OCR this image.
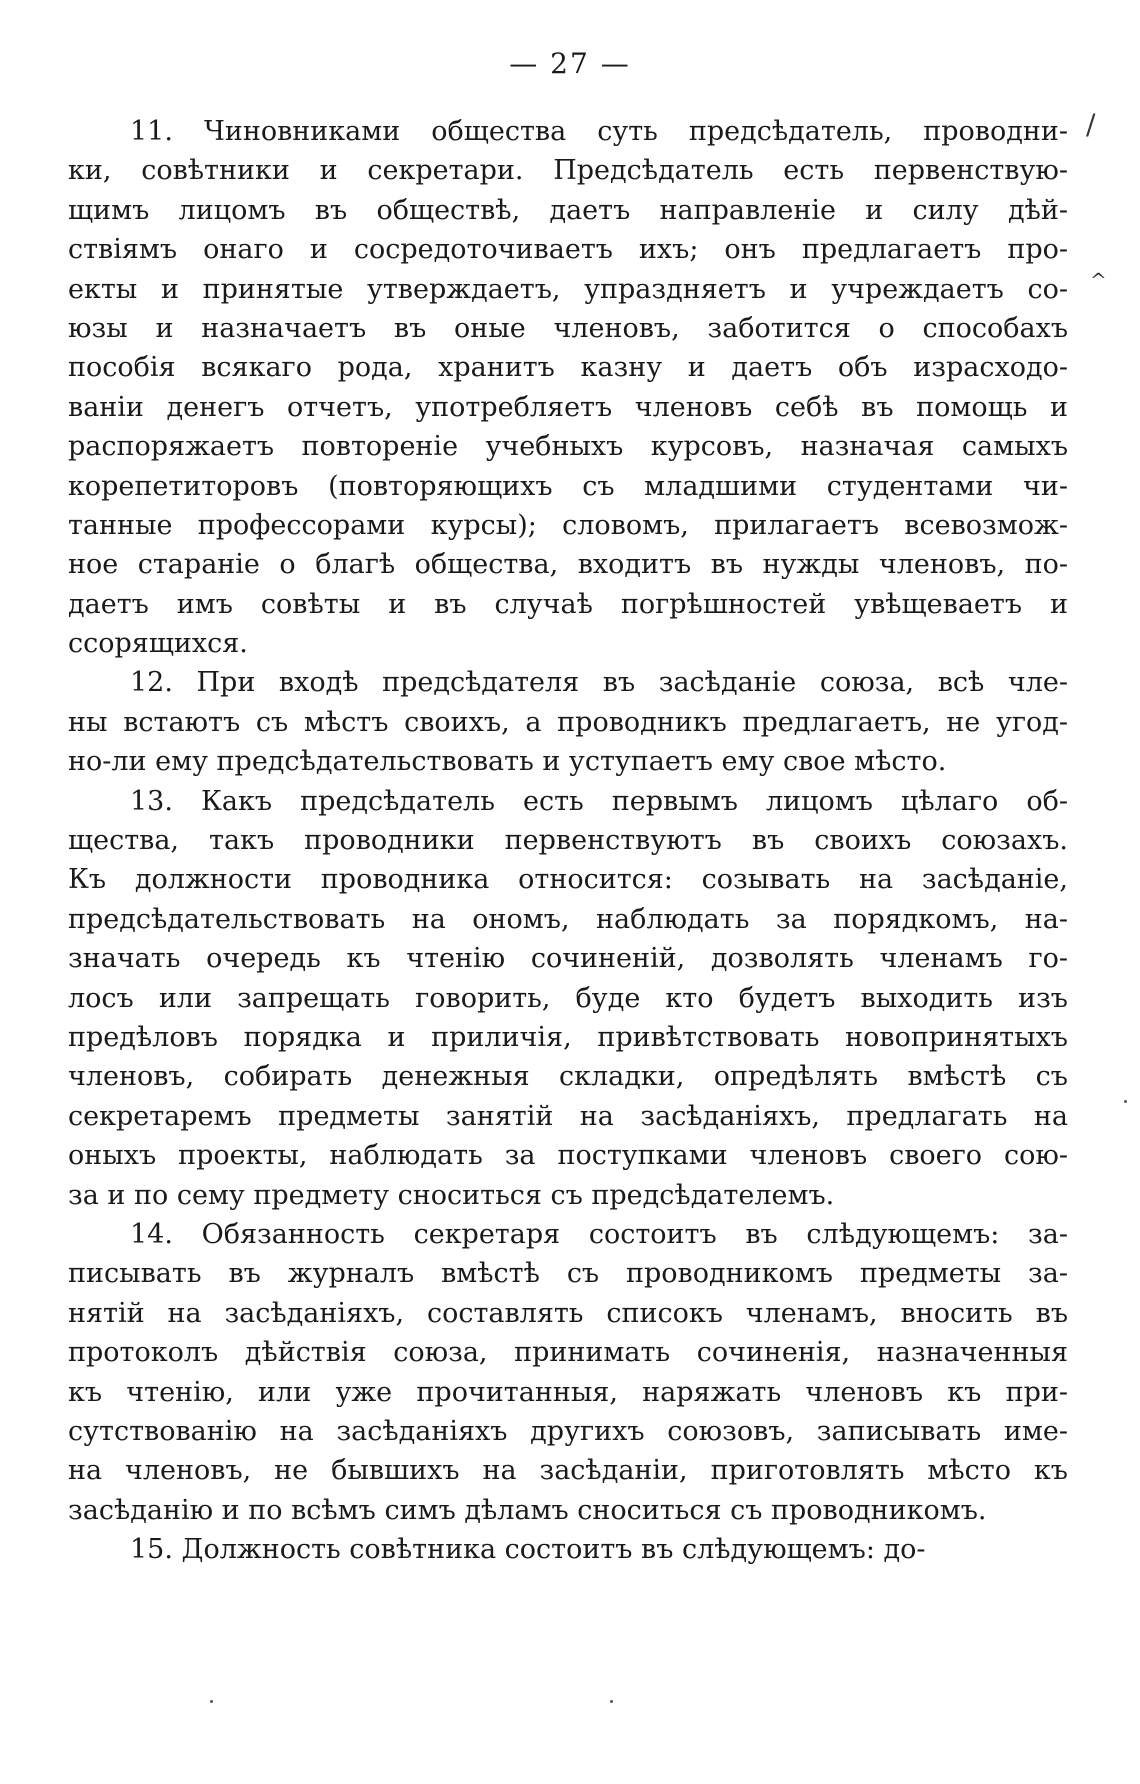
— 27 —
11. Чиновниками общества суть предсѣдатель, проводни-
ки, совѣтники и секретари. Предсѣдатель есть первенствую-
щимъ лицомъ въ обществѣ, даетъ направленіе и силу дѣй-
ствіямъ онаго и сосредоточиваетъ ихъ; онъ предлагаетъ про-
екты и принятые утверждаетъ, упраздняетъ и учреждаетъ со-
юзы и назначаетъ въ оные членовъ, заботится о способахъ
пособія всякаго рода, хранитъ казну и даетъ объ израсходо-
ваніи денегъ отчетъ, употребляетъ членовъ себѣ въ помощь и
распоряжаетъ повтореніе учебныхъ курсовъ, назначая самыхъ
корепетиторовъ (повторяющихъ съ младшими студентами чи-
танные профессорами курсы); словомъ, прилагаетъ всевозмож-
ное стараніе о благѣ общества, входитъ въ нужды членовъ, по-
даетъ имъ совѣты и въ случаѣ погрѣшностей увѣщеваетъ и
ссорящихся.
12. При входѣ предсѣдателя въ засѣданіе союза, всѣ чле-
ны встаютъ съ мѣстъ своихъ, а проводникъ предлагаетъ, не угод-
но-ли ему предсѣдательствовать и уступаетъ ему свое мѣсто.
13. Какъ предсѣдатель есть первымъ лицомъ цѣлаго об-
щества, такъ проводники первенствуютъ въ своихъ союзахъ.
Къ должности проводника относится: созывать на засѣданіе,
предсѣдательствовать на ономъ, наблюдать за порядкомъ, на-
значать очередь къ чтенію сочиненій, дозволять членамъ го-
лосъ или запрещать говорить, буде кто будетъ выходить изъ
предѣловъ порядка и приличія, привѣтствовать новопринятыхъ
членовъ, собирать денежныя складки, опредѣлять вмѣстѣ съ
секретаремъ предметы занятій на засѣданіяхъ, предлагать на
оныхъ проекты, наблюдать за поступками членовъ своего сою-
за и по сему предмету сноситься съ предсѣдателемъ.
14. Обязанность секретаря состоитъ въ слѣдующемъ: за-
писывать въ журналъ вмѣстѣ съ проводникомъ предметы за-
нятій на засѣданіяхъ, составлять списокъ членамъ, вносить въ
протоколъ дѣйствія союза, принимать сочиненія, назначенныя
къ чтенію, или уже прочитанныя, наряжать членовъ къ при-
сутствованію на засѣданіяхъ другихъ союзовъ, записывать име-
на членовъ, не бывшихъ на засѣданіи, приготовлять мѣсто къ
засѣданію и по всѣмъ симъ дѣламъ сноситься съ проводникомъ.
15. Должность совѣтника состоитъ въ слѣдующемъ: до-
/
^
